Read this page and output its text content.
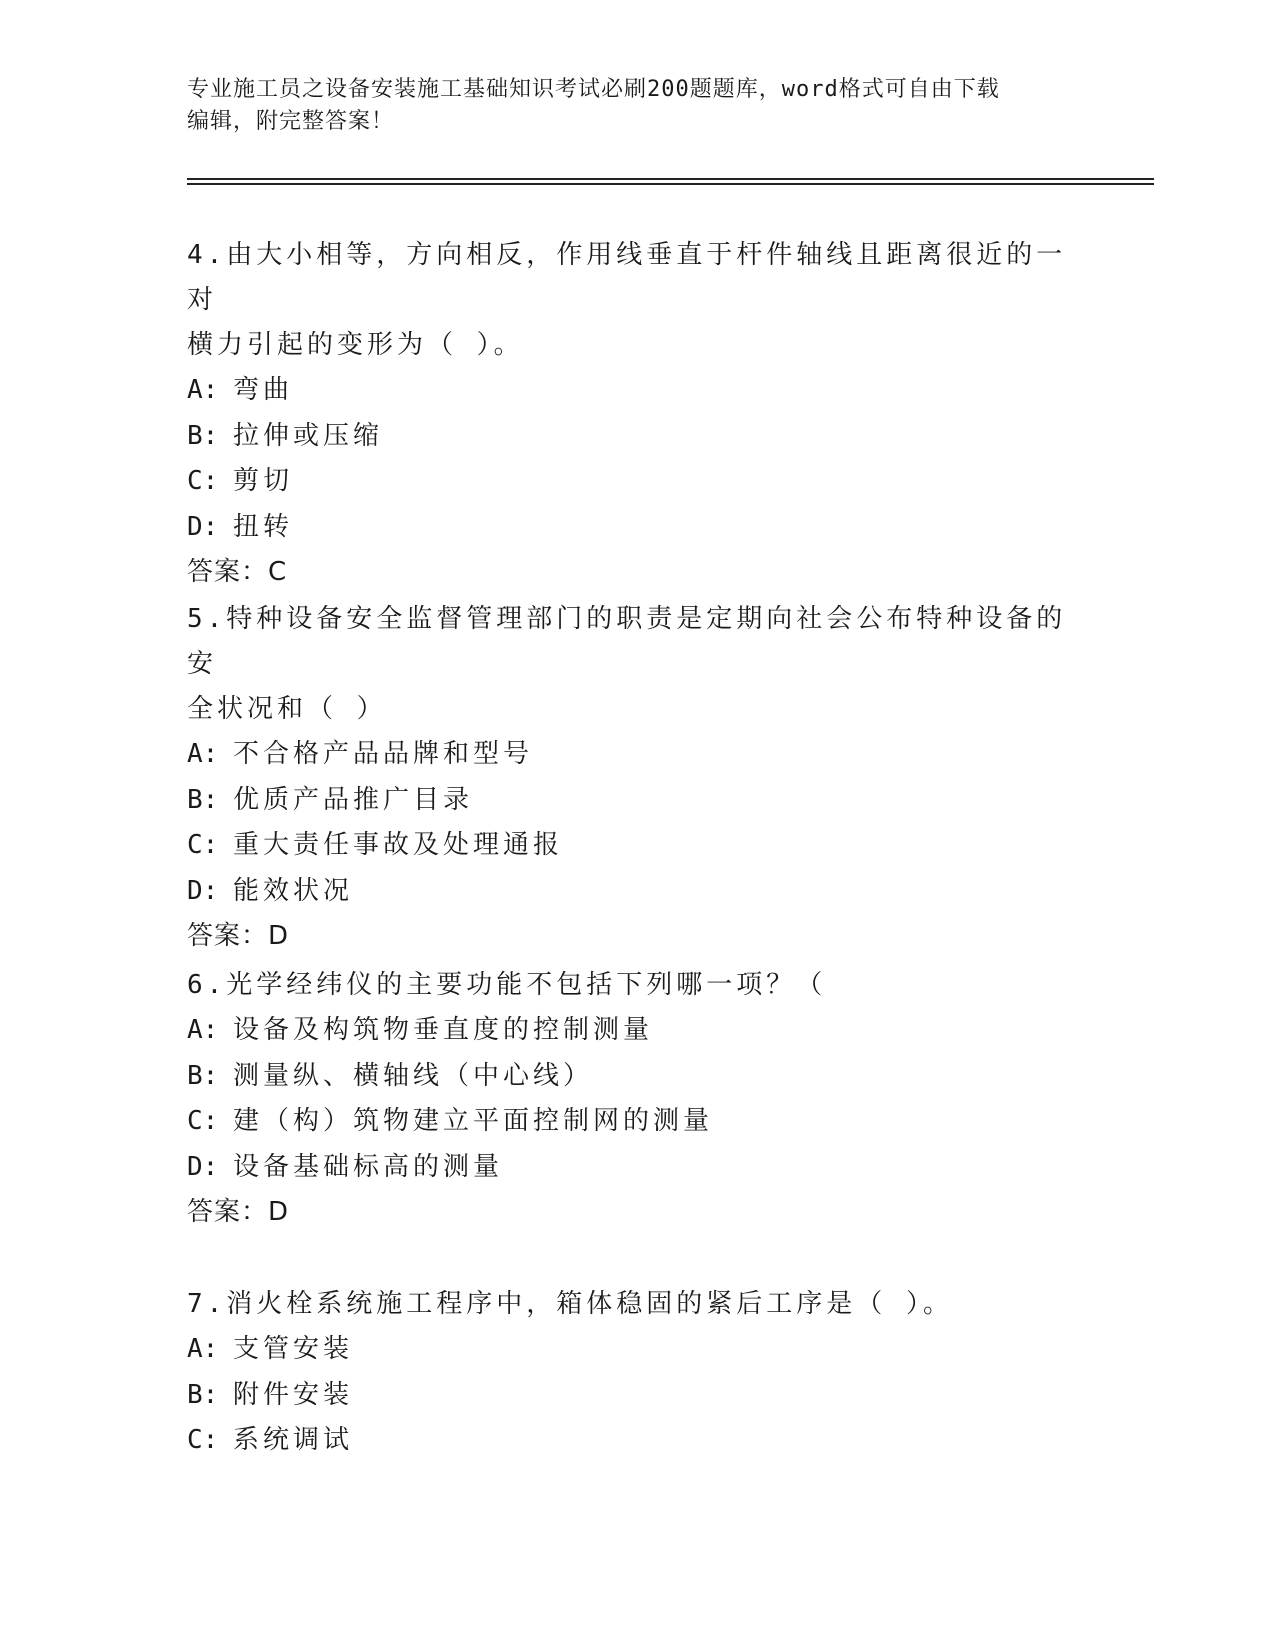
专业施工员之设备安装施工基础知识考试必刷200题题库，word格式可自由下载
编辑，附完整答案！

4.由大小相等，方向相反，作用线垂直于杆件轴线且距离很近的一对

横力引起的变形为（ ）。

A: 弯曲

B: 拉伸或压缩

C: 剪切

D: 扭转

答案：C

5.特种设备安全监督管理部门的职责是定期向社会公布特种设备的安

全状况和（ ）

A: 不合格产品品牌和型号

B: 优质产品推广目录

C: 重大责任事故及处理通报

D: 能效状况

答案：D

6.光学经纬仪的主要功能不包括下列哪一项？（

A: 设备及构筑物垂直度的控制测量

B: 测量纵、横轴线（中心线）

C: 建（构）筑物建立平面控制网的测量

D: 设备基础标高的测量

答案：D

7.消火栓系统施工程序中，箱体稳固的紧后工序是（ ）。

A: 支管安装

B: 附件安装

C: 系统调试
